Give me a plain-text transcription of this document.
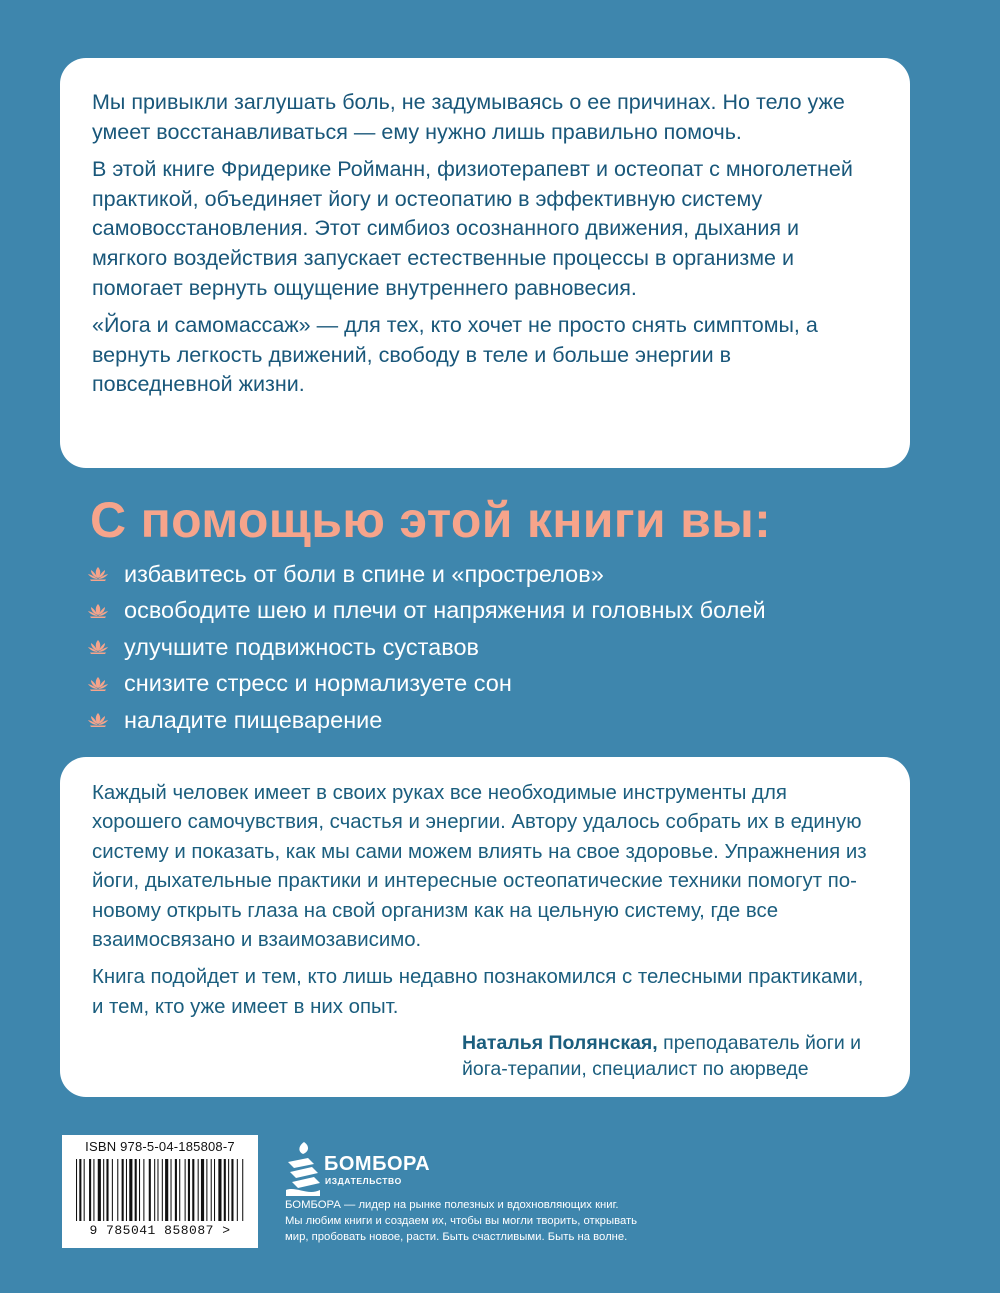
Мы привыкли заглушать боль, не задумываясь о ее причинах. Но тело уже умеет восстанавливаться — ему нужно лишь правильно помочь.

В этой книге Фридерике Ройманн, физиотерапевт и остеопат с многолетней практикой, объединяет йогу и остеопатию в эффективную систему самовосстановления. Этот симбиоз осознанного движения, дыхания и мягкого воздействия запускает естественные процессы в организме и помогает вернуть ощущение внутреннего равновесия.

«Йога и самомассаж» — для тех, кто хочет не просто снять симптомы, а вернуть легкость движений, свободу в теле и больше энергии в повседневной жизни.

С помощью этой книги вы:
избавитесь от боли в спине и «прострелов»
освободите шею и плечи от напряжения и головных болей
улучшите подвижность суставов
снизите стресс и нормализуете сон
наладите пищеварение

Каждый человек имеет в своих руках все необходимые инструменты для хорошего самочувствия, счастья и энергии. Автору удалось собрать их в единую систему и показать, как мы сами можем влиять на свое здоровье. Упражнения из йоги, дыхательные практики и интересные остеопатические техники помогут по-новому открыть глаза на свой организм как на цельную систему, где все взаимосвязано и взаимозависимо.

Книга подойдет и тем, кто лишь недавно познакомился с телесными практиками, и тем, кто уже имеет в них опыт.

Наталья Полянская, преподаватель йоги и йога-терапии, специалист по аюрведе

ISBN 978-5-04-185808-7
9 785041 858087 >
БОМБОРА
ИЗДАТЕЛЬСТВО

БОМБОРА — лидер на рынке полезных и вдохновляющих книг.
Мы любим книги и создаем их, чтобы вы могли творить, открывать
мир, пробовать новое, расти. Быть счастливыми. Быть на волне.
